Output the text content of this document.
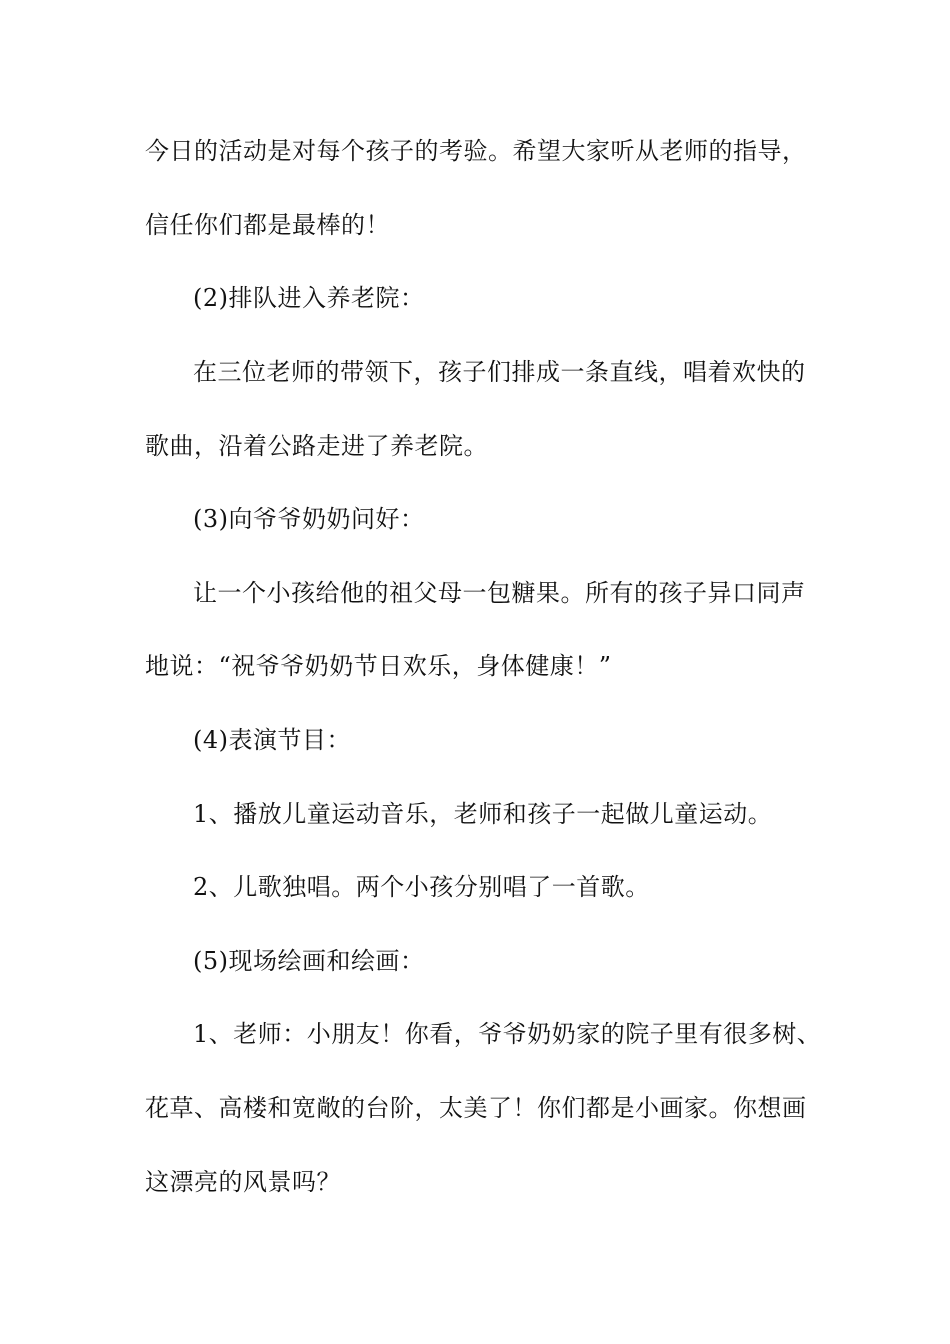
今日的活动是对每个孩子的考验。希望大家听从老师的指导，
信任你们都是最棒的！
(2)排队进入养老院：
在三位老师的带领下，孩子们排成一条直线，唱着欢快的
歌曲，沿着公路走进了养老院。
(3)向爷爷奶奶问好：
让一个小孩给他的祖父母一包糖果。所有的孩子异口同声
地说：“祝爷爷奶奶节日欢乐，身体健康！”
(4)表演节目：
1、播放儿童运动音乐，老师和孩子一起做儿童运动。
2、儿歌独唱。两个小孩分别唱了一首歌。
(5)现场绘画和绘画：
1、老师：小朋友！你看，爷爷奶奶家的院子里有很多树、
花草、高楼和宽敞的台阶，太美了！你们都是小画家。你想画
这漂亮的风景吗？
